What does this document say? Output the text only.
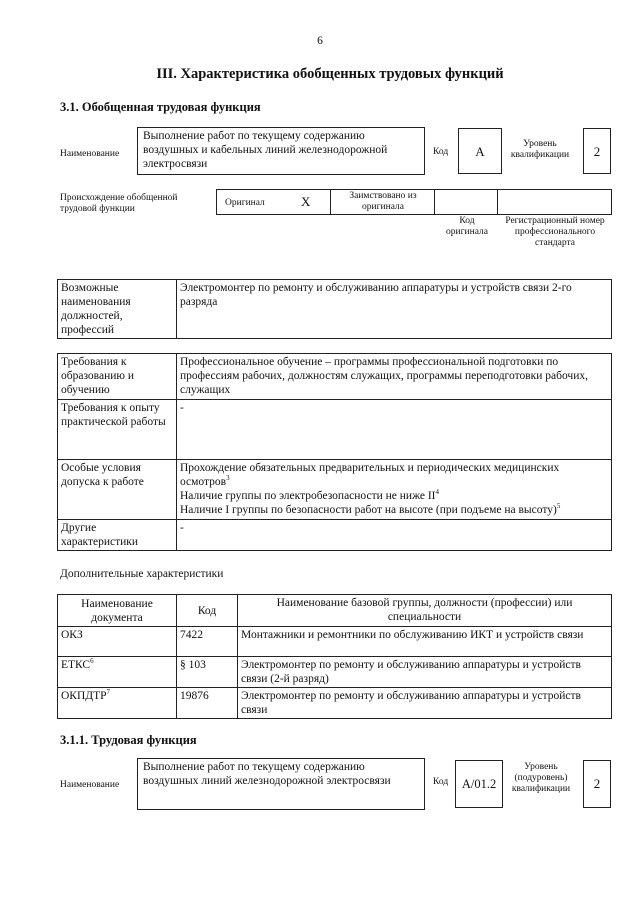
6
III. Характеристика обобщенных трудовых функций
3.1. Обобщенная трудовая функция
Наименование
Выполнение работ по текущему содержанию воздушных и кабельных линий железнодорожной электросвязи
Код	А	Уровень квалификации	2
Происхождение обобщенной трудовой функции
Оригинал	Х	Заимствовано из оригинала
Код оригинала
Регистрационный номер профессионального стандарта
Возможные наименования должностей, профессий	Электромонтер по ремонту и обслуживанию аппаратуры и устройств связи 2-го разряда
Требования к образованию и обучению	Профессиональное обучение – программы профессиональной подготовки по профессиям рабочих, должностям служащих, программы переподготовки рабочих, служащих
Требования к опыту практической работы	-
Особые условия допуска к работе	Прохождение обязательных предварительных и периодических медицинских осмотров$^3$
Наличие группы по электробезопасности не ниже $II^4$
Наличие I группы по безопасности работ на высоте (при подъеме на высоту)$^5$
Другие характеристики	-
Дополнительные характеристики
Наименование документа	Код	Наименование базовой группы, должности (профессии) или специальности
ОКЗ	7422	Монтажники и ремонтники по обслуживанию ИКТ и устройств связи
ЕТКС$^6$	§ 103	Электромонтер по ремонту и обслуживанию аппаратуры и устройств связи (2-й разряд)
ОКПДТР$^7$	19876	Электромонтер по ремонту и обслуживанию аппаратуры и устройств связи
3.1.1. Трудовая функция
Наименование
Выполнение работ по текущему содержанию воздушных линий железнодорожной электросвязи	Код	А/01.2
Уровень (подуровень) квалификации	2
